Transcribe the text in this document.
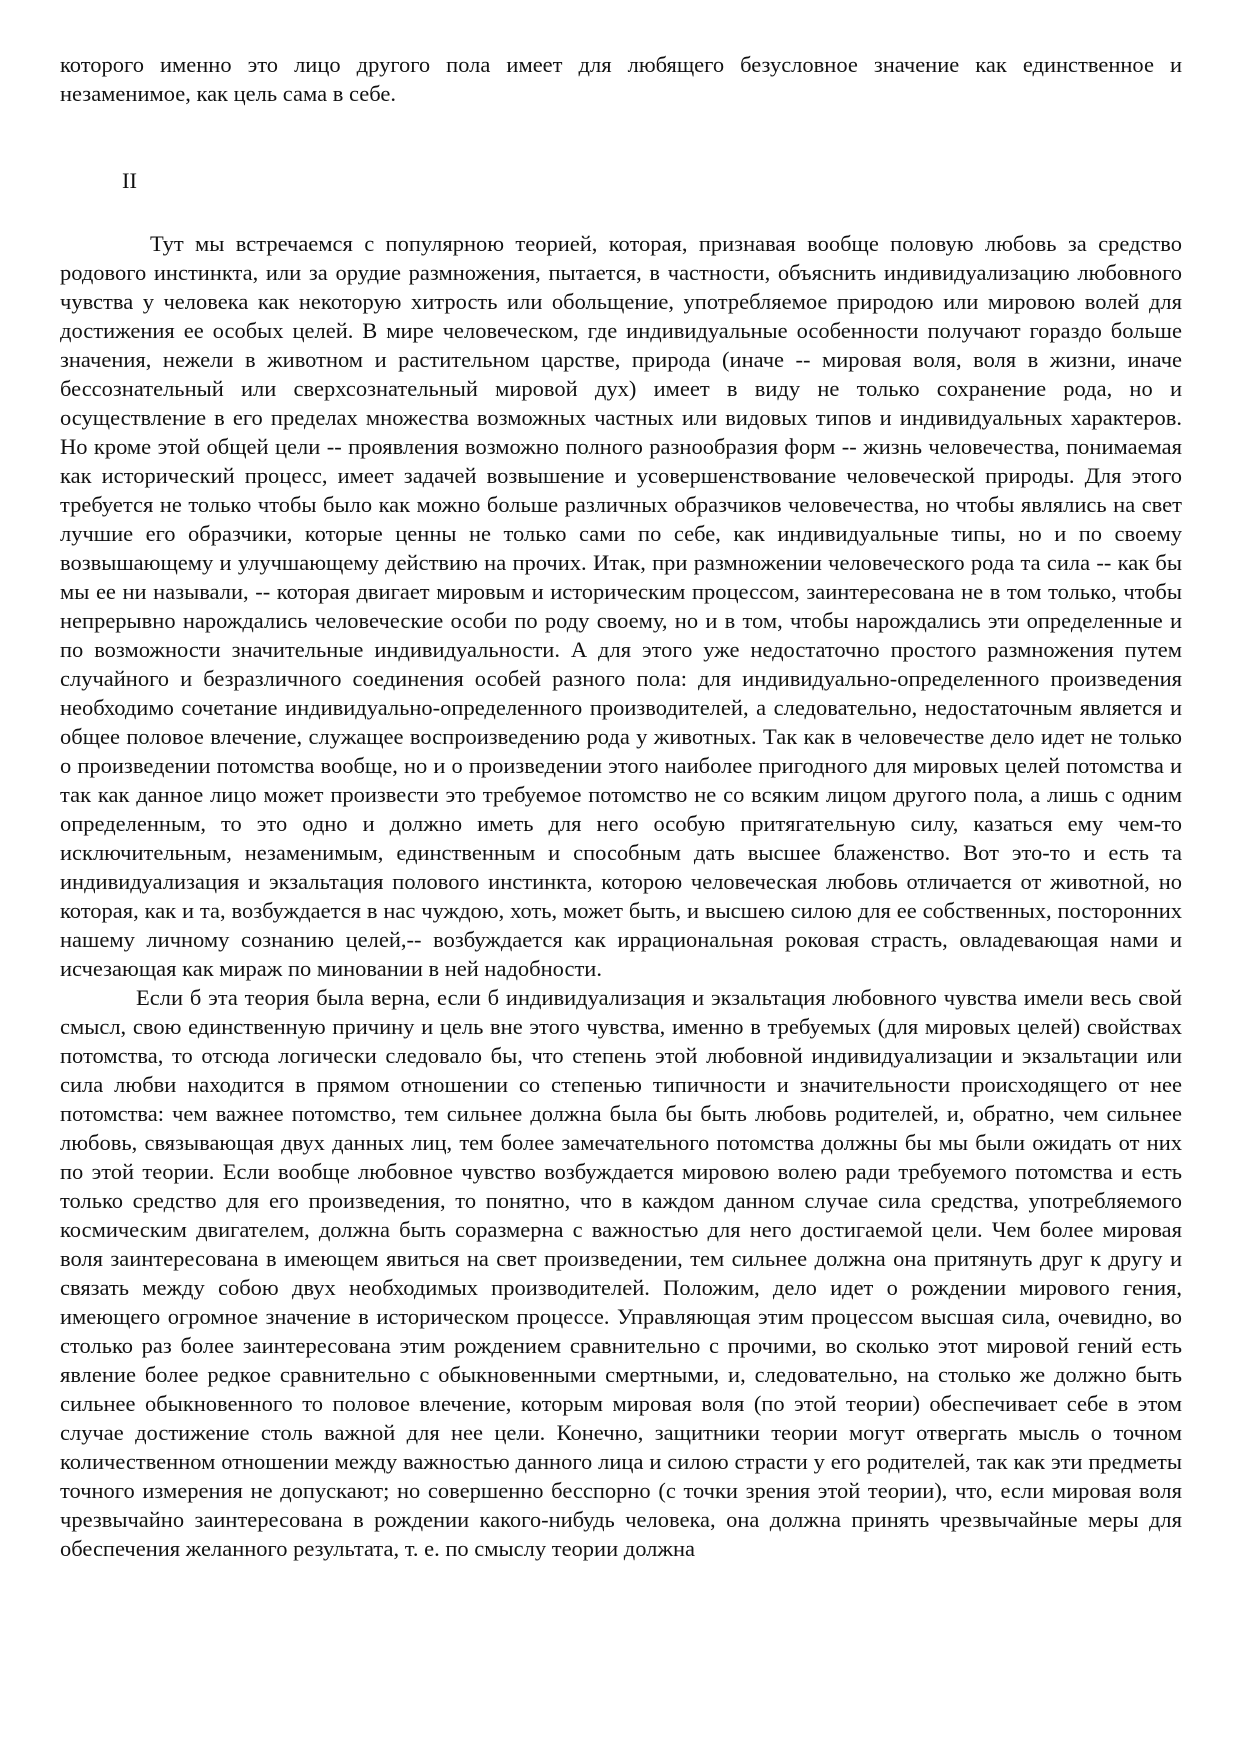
которого именно это лицо другого пола имеет для любящего безусловное значение как единственное и незаменимое, как цель сама в себе.

II

Тут мы встречаемся с популярною теорией, которая, признавая вообще половую любовь за средство родового инстинкта, или за орудие размножения, пытается, в частности, объяснить индивидуализацию любовного чувства у человека как некоторую хитрость или обольщение, употребляемое природою или мировою волей для достижения ее особых целей. В мире человеческом, где индивидуальные особенности получают гораздо больше значения, нежели в животном и растительном царстве, природа (иначе -- мировая воля, воля в жизни, иначе бессознательный или сверхсознательный мировой дух) имеет в виду не только сохранение рода, но и осуществление в его пределах множества возможных частных или видовых типов и индивидуальных характеров. Но кроме этой общей цели -- проявления возможно полного разнообразия форм -- жизнь человечества, понимаемая как исторический процесс, имеет задачей возвышение и усовершенствование человеческой природы. Для этого требуется не только чтобы было как можно больше различных образчиков человечества, но чтобы являлись на свет лучшие его образчики, которые ценны не только сами по себе, как индивидуальные типы, но и по своему возвышающему и улучшающему действию на прочих. Итак, при размножении человеческого рода та сила -- как бы мы ее ни называли, -- которая двигает мировым и историческим процессом, заинтересована не в том только, чтобы непрерывно нарождались человеческие особи по роду своему, но и в том, чтобы нарождались эти определенные и по возможности значительные индивидуальности. А для этого уже недостаточно простого размножения путем случайного и безразличного соединения особей разного пола: для индивидуально-определенного произведения необходимо сочетание индивидуально-определенного производителей, а следовательно, недостаточным является и общее половое влечение, служащее воспроизведению рода у животных. Так как в человечестве дело идет не только о произведении потомства вообще, но и о произведении этого наиболее пригодного для мировых целей потомства и так как данное лицо может произвести это требуемое потомство не со всяким лицом другого пола, а лишь с одним определенным, то это одно и должно иметь для него особую притягательную силу, казаться ему чем-то исключительным, незаменимым, единственным и способным дать высшее блаженство. Вот это-то и есть та индивидуализация и экзальтация полового инстинкта, которою человеческая любовь отличается от животной, но которая, как и та, возбуждается в нас чуждою, хоть, может быть, и высшею силою для ее собственных, посторонних нашему личному сознанию целей,-- возбуждается как иррациональная роковая страсть, овладевающая нами и исчезающая как мираж по миновании в ней надобности.

Если б эта теория была верна, если б индивидуализация и экзальтация любовного чувства имели весь свой смысл, свою единственную причину и цель вне этого чувства, именно в требуемых (для мировых целей) свойствах потомства, то отсюда логически следовало бы, что степень этой любовной индивидуализации и экзальтации или сила любви находится в прямом отношении со степенью типичности и значительности происходящего от нее потомства: чем важнее потомство, тем сильнее должна была бы быть любовь родителей, и, обратно, чем сильнее любовь, связывающая двух данных лиц, тем более замечательного потомства должны бы мы были ожидать от них по этой теории. Если вообще любовное чувство возбуждается мировою волею ради требуемого потомства и есть только средство для его произведения, то понятно, что в каждом данном случае сила средства, употребляемого космическим двигателем, должна быть соразмерна с важностью для него достигаемой цели. Чем более мировая воля заинтересована в имеющем явиться на свет произведении, тем сильнее должна она притянуть друг к другу и связать между собою двух необходимых производителей. Положим, дело идет о рождении мирового гения, имеющего огромное значение в историческом процессе. Управляющая этим процессом высшая сила, очевидно, во столько раз более заинтересована этим рождением сравнительно с прочими, во сколько этот мировой гений есть явление более редкое сравнительно с обыкновенными смертными, и, следовательно, на столько же должно быть сильнее обыкновенного то половое влечение, которым мировая воля (по этой теории) обеспечивает себе в этом случае достижение столь важной для нее цели. Конечно, защитники теории могут отвергать мысль о точном количественном отношении между важностью данного лица и силою страсти у его родителей, так как эти предметы точного измерения не допускают; но совершенно бесспорно (с точки зрения этой теории), что, если мировая воля чрезвычайно заинтересована в рождении какого-нибудь человека, она должна принять чрезвычайные меры для обеспечения желанного результата, т. е. по смыслу теории должна
